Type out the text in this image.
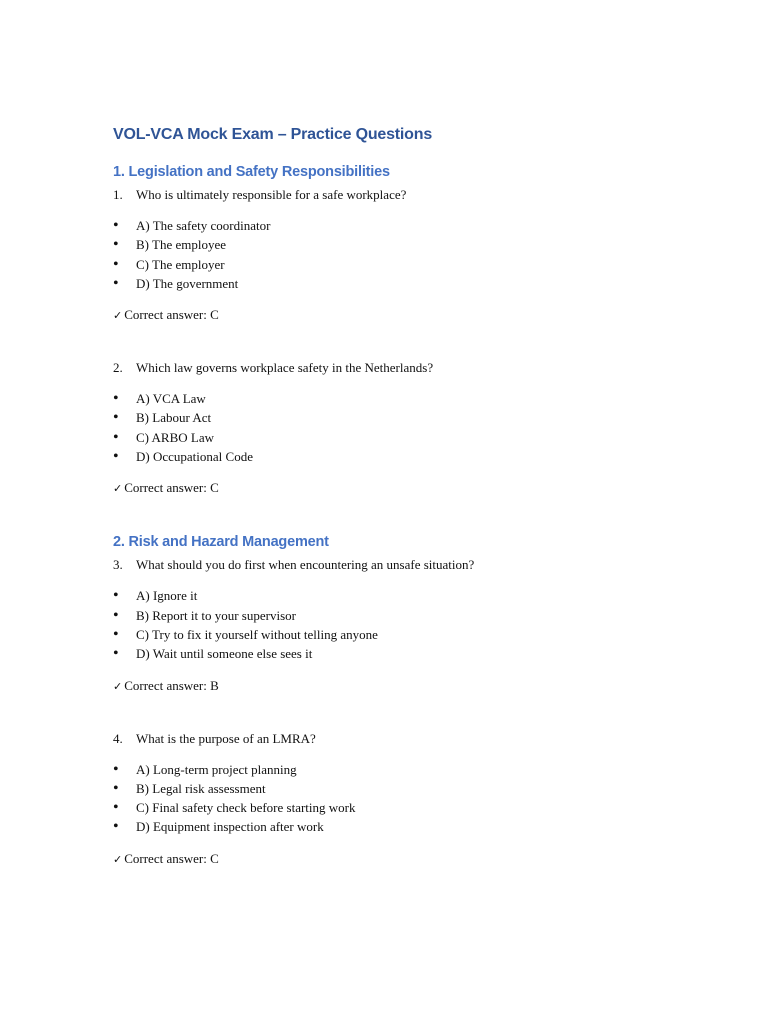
VOL-VCA Mock Exam – Practice Questions
1. Legislation and Safety Responsibilities
1.	Who is ultimately responsible for a safe workplace?
•	A) The safety coordinator
•	B) The employee
•	C) The employer
•	D) The government

✓ Correct answer: C

2.	Which law governs workplace safety in the Netherlands?
•	A) VCA Law
•	B) Labour Act
•	C) ARBO Law
•	D) Occupational Code

✓ Correct answer: C

2. Risk and Hazard Management
3.	What should you do first when encountering an unsafe situation?
•	A) Ignore it
•	B) Report it to your supervisor
•	C) Try to fix it yourself without telling anyone
•	D) Wait until someone else sees it

✓ Correct answer: B

4.	What is the purpose of an LMRA?
•	A) Long-term project planning
•	B) Legal risk assessment
•	C) Final safety check before starting work
•	D) Equipment inspection after work

✓ Correct answer: C
